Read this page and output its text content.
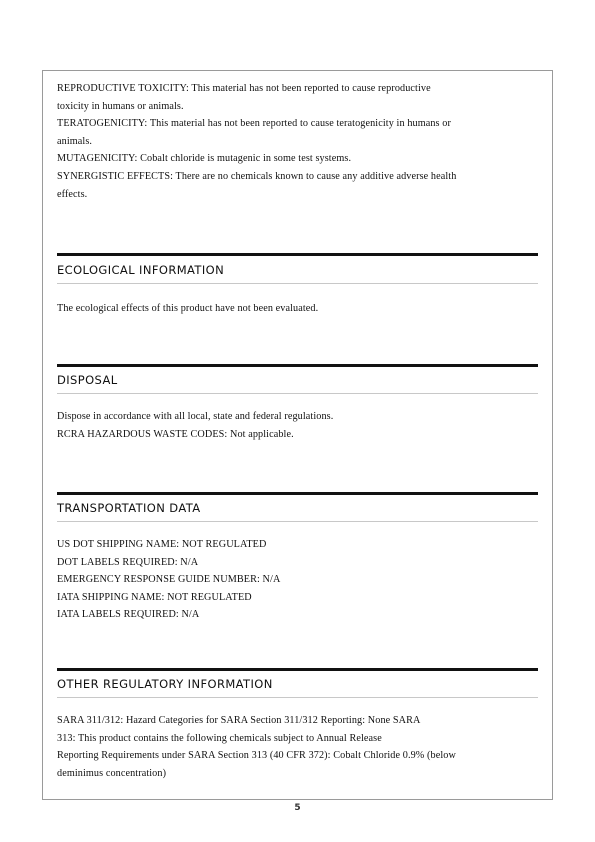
REPRODUCTIVE TOXICITY: This material has not been reported to cause reproductive
toxicity in humans or animals.
TERATOGENICITY: This material has not been reported to cause teratogenicity in humans or
animals.
MUTAGENICITY: Cobalt chloride is mutagenic in some test systems.
SYNERGISTIC EFFECTS: There are no chemicals known to cause any additive adverse health
effects.
ECOLOGICAL INFORMATION
The ecological effects of this product have not been evaluated.
DISPOSAL
Dispose in accordance with all local, state and federal regulations.
RCRA HAZARDOUS WASTE CODES: Not applicable.
TRANSPORTATION DATA
US DOT SHIPPING NAME: NOT REGULATED
DOT LABELS REQUIRED: N/A
EMERGENCY RESPONSE GUIDE NUMBER: N/A
IATA SHIPPING NAME: NOT REGULATED
IATA LABELS REQUIRED: N/A
OTHER REGULATORY INFORMATION
SARA 311/312: Hazard Categories for SARA Section 311/312 Reporting: None SARA
313: This product contains the following chemicals subject to Annual Release
Reporting Requirements under SARA Section 313 (40 CFR 372): Cobalt Chloride 0.9% (below
deminimus concentration)
5
